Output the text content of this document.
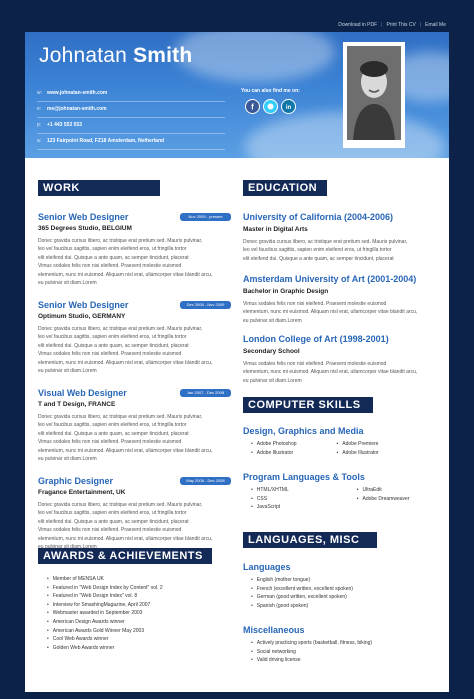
Download in PDF | Print This CV | Email Me
Johnatan Smith
w:	www.johnatan-smith.com
e:	me@johnatan-smith.com
p:	+1 443 553 553
a:	123 Fairpoint Road, FZ18 Amsterdam, Netherland
You can also find me on:
f	in
WORK EXPERIENCE
Senior Web Designer	Nov 2009 - present
365 Degrees Studio, BELGIUM
Donec gravida cursus libero, ac tristique erat pretium sed. Mauris pulvinar,
leo vel faucibus sagittis, sapien enim eleifend eros, ut fringilla tortor
elit eleifend dui. Quisque a ante quam, ac semper tincidunt, placerat
Vimus sodales felis non nisi eleifend. Praesent molestie euismod
elementum, nunc mi euismod. Aliquam nisl erat, ullamcorper vitae blandit arcu,
eu pulvinar sit diam.Lorem
Senior Web Designer	Dec 2008 - Nov 2009
Optimum Studio, GERMANY
Donec gravida cursus libero, ac tristique erat pretium sed. Mauris pulvinar,
leo vel faucibus sagittis, sapien enim eleifend eros, ut fringilla tortor
elit eleifend dui. Quisque a ante quam, ac semper tincidunt, placerat
Vimus sodales felis non nisi eleifend. Praesent molestie euismod
elementum, nunc mi euismod. Aliquam nisl erat, ullamcorper vitae blandit arcu,
eu pulvinar sit diam.Lorem
Visual Web Designer	Jan 2007 - Dec 2008
T and T Design, FRANCE
Donec gravida cursus libero, ac tristique erat pretium sed. Mauris pulvinar,
leo vel faucibus sagittis, sapien enim eleifend eros, ut fringilla tortor
elit eleifend dui. Quisque a ante quam, ac semper tincidunt, placerat
Vimus sodales felis non nisi eleifend. Praesent molestie euismod
elementum, nunc mi euismod. Aliquam nisl erat, ullamcorper vitae blandit arcu,
eu pulvinar sit diam.Lorem
Graphic Designer	May 2006 - Dec 2008
Fragance Entertainment, UK
Donec gravida cursus libero, ac tristique erat pretium sed. Mauris pulvinar,
leo vel faucibus sagittis, sapien enim eleifend eros, ut fringilla tortor
elit eleifend dui. Quisque a ante quam, ac semper tincidunt, placerat
Vimus sodales felis non nisi eleifend. Praesent molestie euismod
elementum, nunc mi euismod. Aliquam nisl erat, ullamcorper vitae blandit arcu,
AWARDS & ACHIEVEMENTS
• Member of MENSA UK
• Featured in "Web Design Index by Content" vol. 2
• Featured in "Web Design Index" vol. 8
• Interview for SmashingMagazine, April 2007
• Webmaster awarded in September 2003
• American Design Awards winner
• American Awards Gold Winner May 2003
• Cool Web Awards winner
• Golden Web Awards winner
EDUCATION
University of California (2004-2006)
Master in Digital Arts
Donec gravida cursus libero, ac tristique erat pretium sed. Mauris pulvinar,
leo vel faucibus sagittis, sapien enim eleifend eros, ut fringilla tortor
elit eleifend dui. Quisque a ante quam, ac semper tincidunt, placerat
Amsterdam University of Art (2001-2004)
Bachelor in Graphic Design
Vimus sodales felis non nisi eleifend. Praesent molestie euismod
elementum, nunc mi euismod. Aliquam nisl erat, ullamcorper vitae blandit arcu,
eu pulvinar sit diam.Lorem
London College of Art (1998-2001)
Secondary School
Vimus sodales felis non nisi eleifend. Praesent molestie euismod
elementum, nunc mi euismod. Aliquam nisl erat, ullamcorper vitae blandit arcu,
eu pulvinar sit diam.Lorem
COMPUTER SKILLS
Design, Graphics and Media
• Adobe Photoshop
• Adobe Illustrator
• Adobe Premiere
• Adobe Illustrator
Program Languages & Tools
• HTML/XHTML
• CSS
• JavaScript
• UltraEdit
• Adobe Dreamweaver
LANGUAGES, MISC
Languages
• English (mother tongue)
• French (excellent written, excellent spoken)
• German (good written, excellent spoken)
• Spanish (good spoken)
Miscellaneous
• Actively practicing sports (basketball, fitness, biking)
• Social networking
• Valid driving license
